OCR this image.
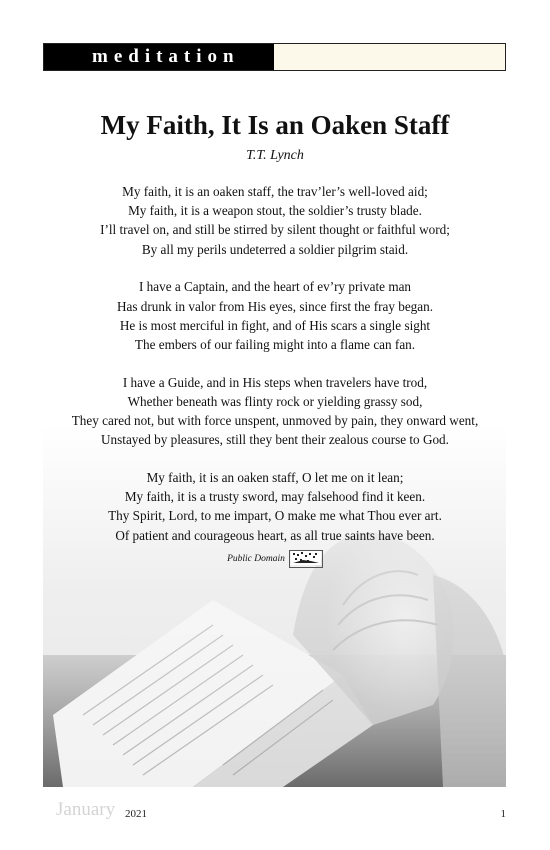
meditation
My Faith, It Is an Oaken Staff
T.T. Lynch
My faith, it is an oaken staff, the trav’ler’s well-loved aid;
My faith, it is a weapon stout, the soldier’s trusty blade.
I’ll travel on, and still be stirred by silent thought or faithful word;
By all my perils undeterred a soldier pilgrim staid.
I have a Captain, and the heart of ev’ry private man
Has drunk in valor from His eyes, since first the fray began.
He is most merciful in fight, and of His scars a single sight
The embers of our failing might into a flame can fan.
I have a Guide, and in His steps when travelers have trod,
Whether beneath was flinty rock or yielding grassy sod,
They cared not, but with force unspent, unmoved by pain, they onward went,
Unstayed by pleasures, still they bent their zealous course to God.
My faith, it is an oaken staff, O let me on it lean;
My faith, it is a trusty sword, may falsehood find it keen.
Thy Spirit, Lord, to me impart, O make me what Thou ever art.
Of patient and courageous heart, as all true saints have been.
Public Domain
January 2021	1
